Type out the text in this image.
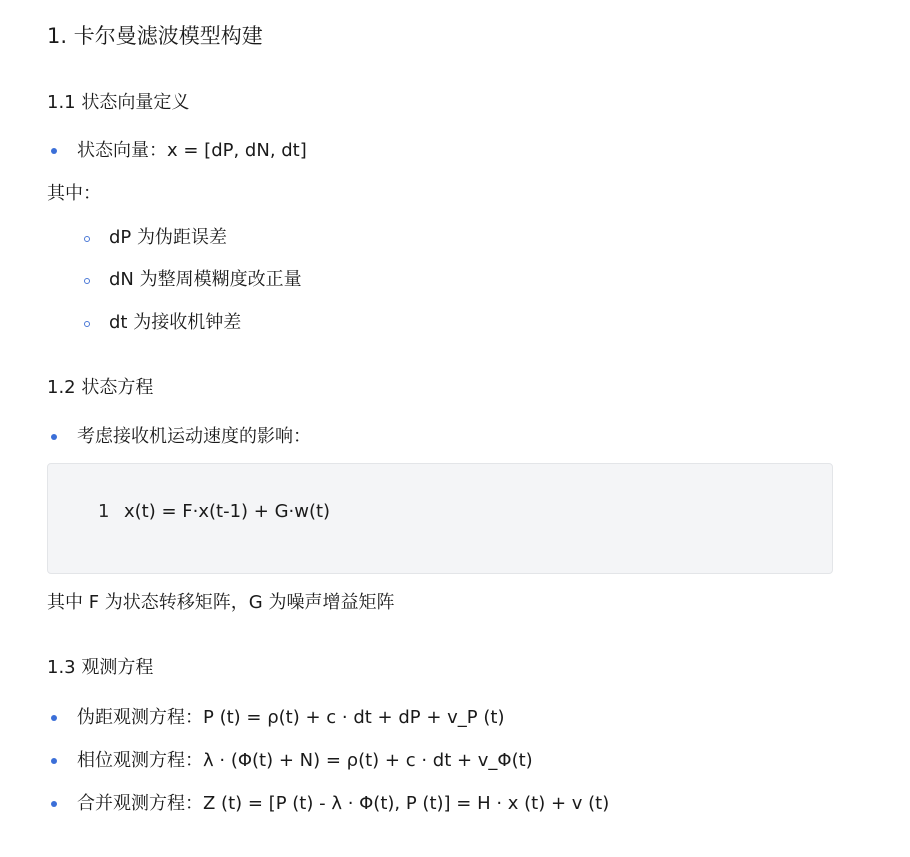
1. 卡尔曼滤波模型构建
1.1 状态向量定义
状态向量：x = [dP, dN, dt]
其中：
dP 为伪距误差
dN 为整周模糊度改正量
dt 为接收机钟差
1.2 状态方程
考虑接收机运动速度的影响：
1 x(t) = F·x(t-1) + G·w(t)
其中 F 为状态转移矩阵，G 为噪声增益矩阵
1.3 观测方程
伪距观测方程：P (t) = ρ(t) + c · dt + dP + v_P (t)
相位观测方程：λ · (Φ(t) + N) = ρ(t) + c · dt + v_Φ(t)
合并观测方程：Z (t) = [P (t) - λ · Φ(t), P (t)] = H · x (t) + v (t)
